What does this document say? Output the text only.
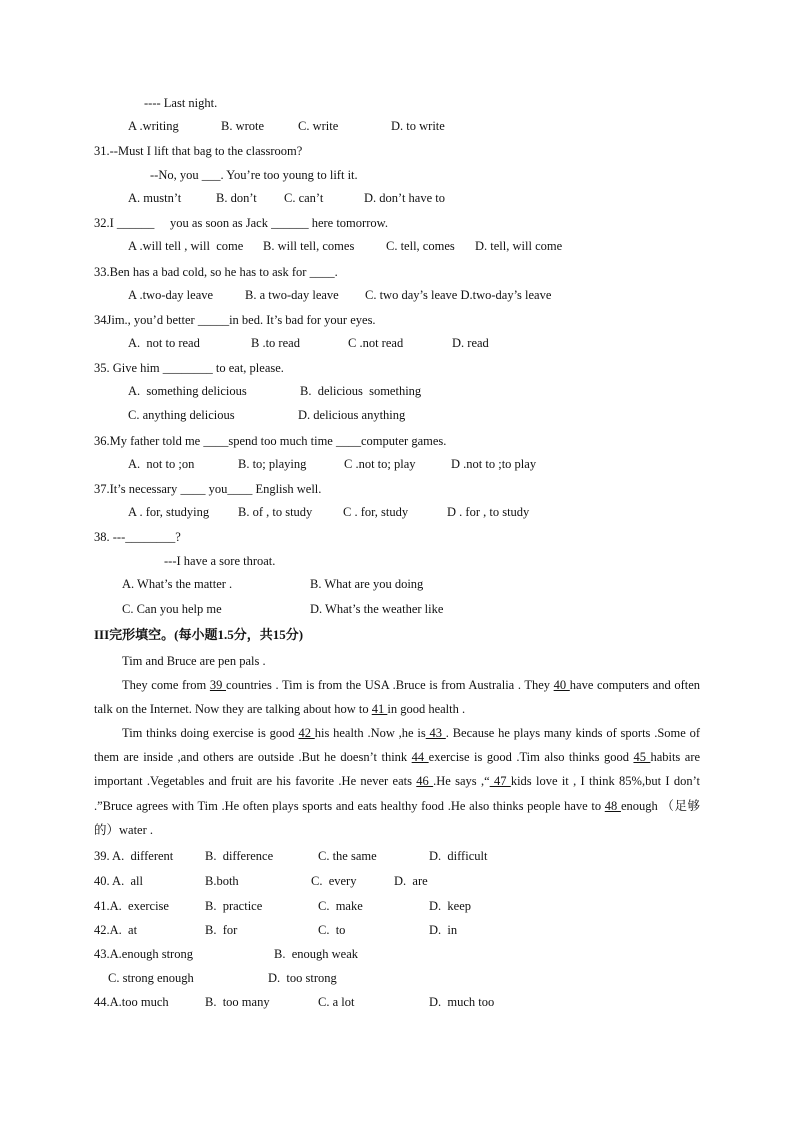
---- Last night.
A .writing	B. wrote	C. write	D. to write
31.--Must I lift that bag to the classroom?
--No, you ___. You’re too young to lift it.
A. mustn’t	B. don’t C. can’t	D. don’t have to
32.I ______     you as soon as Jack ______ here tomorrow.
A .will tell , will  come B. will tell, comes	C. tell, comes D. tell, will come
33.Ben has a bad cold, so he has to ask for ____.
A .two-day leave	B. a two-day leave C. two day’s leave D.two-day’s leave
34Jim., you’d better _____in bed. It’s bad for your eyes.
A.  not to read	B .to read	C .not read	D. read
35. Give him ________ to eat, please.
A.  something delicious	B.  delicious  something
C. anything delicious	D. delicious anything
36.My father told me ____spend too much time ____computer games.
A.  not to ;on	B. to; playing	C .not to; play	D .not to ;to play
37.It’s necessary ____ you____ English well.
A . for, studying B. of , to study C . for, study	D . for , to study
38. ---________?
---I have a sore throat.
A. What’s the matter .	B. What are you doing
C. Can you help me	D. What’s the weather like
III完形填空。(每小题1.5分，共15分)
Tim and Bruce are pen pals .

They come from 39 countries . Tim is from the USA .Bruce is from Australia . They 40 have computers and often talk on the Internet. Now they are talking about how to 41 in good health .

Tim thinks doing exercise is good 42 his health .Now ,he is 43 . Because he plays many kinds of sports .Some of them are inside ,and others are outside .But he doesn’t think 44 exercise is good .Tim also thinks good 45 habits are important .Vegetables and fruit are his favorite .He never eats 46 .He says ,“ 47 kids love it , I think 85%,but I don’t .”Bruce agrees with Tim .He often plays sports and eats healthy food .He also thinks people have to 48 enough （足够的）water .

39. A.  different	B.  difference	C. the same	D.  difficult
40. A.  all	B.both	C.  every	D.  are
41.A.  exercise	B.  practice	C.  make	D.  keep
42.A.  at	B.  for	C.  to	D.  in
43.A.enough strong	B.  enough weak
C. strong enough	D.  too strong
44.A.too much	B.  too many	C. a lot	D.  much too
